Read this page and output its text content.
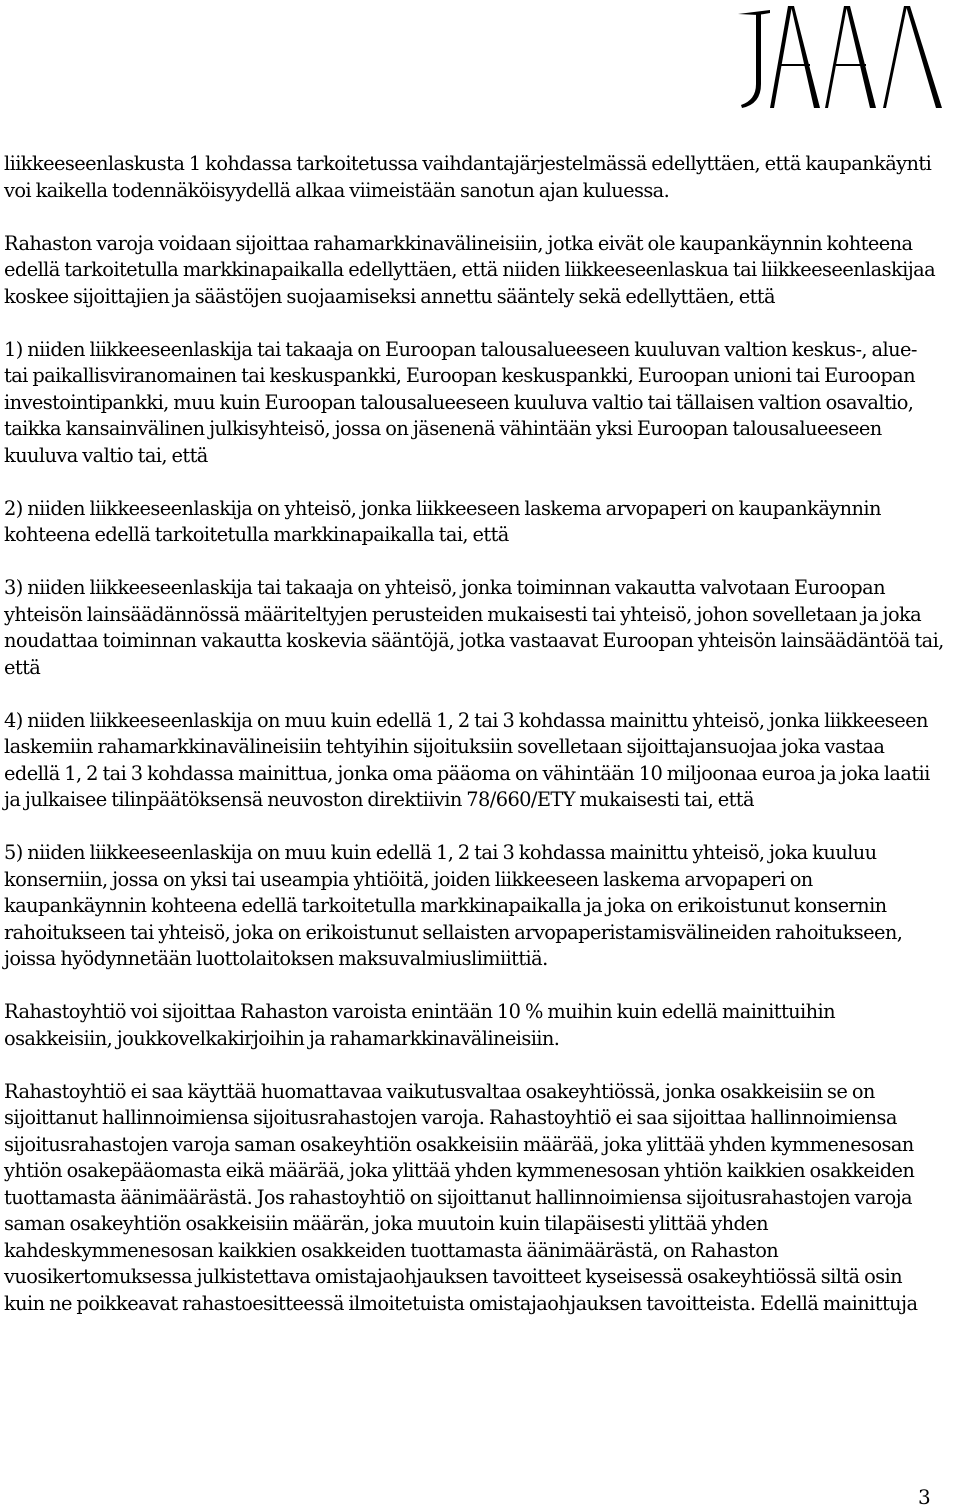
liikkeeseenlaskusta 1 kohdassa tarkoitetussa vaihdantajärjestelmässä edellyttäen, että kaupankäynti voi kaikella todennäköisyydellä alkaa viimeistään sanotun ajan kuluessa.

Rahaston varoja voidaan sijoittaa rahamarkkinavälineisiin, jotka eivät ole kaupankäynnin kohteena edellä tarkoitetulla markkinapaikalla edellyttäen, että niiden liikkeeseenlaskua tai liikkeeseenlaskijaa koskee sijoittajien ja säästöjen suojaamiseksi annettu sääntely sekä edellyttäen, että

1) niiden liikkeeseenlaskija tai takaaja on Euroopan talousalueeseen kuuluvan valtion keskus-, alue- tai paikallisviranomainen tai keskuspankki, Euroopan keskuspankki, Euroopan unioni tai Euroopan investointipankki, muu kuin Euroopan talousalueeseen kuuluva valtio tai tällaisen valtion osavaltio, taikka kansainvälinen julkisyhteisö, jossa on jäsenenä vähintään yksi Euroopan talousalueeseen kuuluva valtio tai, että

2) niiden liikkeeseenlaskija on yhteisö, jonka liikkeeseen laskema arvopaperi on kaupankäynnin kohteena edellä tarkoitetulla markkinapaikalla tai, että

3) niiden liikkeeseenlaskija tai takaaja on yhteisö, jonka toiminnan vakautta valvotaan Euroopan yhteisön lainsäädännössä määriteltyjen perusteiden mukaisesti tai yhteisö, johon sovelletaan ja joka noudattaa toiminnan vakautta koskevia sääntöjä, jotka vastaavat Euroopan yhteisön lainsäädäntöä tai, että

4) niiden liikkeeseenlaskija on muu kuin edellä 1, 2 tai 3 kohdassa mainittu yhteisö, jonka liikkeeseen laskemiin rahamarkkinavälineisiin tehtyihin sijoituksiin sovelletaan sijoittajansuojaa joka vastaa edellä 1, 2 tai 3 kohdassa mainittua, jonka oma pääoma on vähintään 10 miljoonaa euroa ja joka laatii ja julkaisee tilinpäätöksensä neuvoston direktiivin 78/660/ETY mukaisesti tai, että

5) niiden liikkeeseenlaskija on muu kuin edellä 1, 2 tai 3 kohdassa mainittu yhteisö, joka kuuluu konserniin, jossa on yksi tai useampia yhtiöitä, joiden liikkeeseen laskema arvopaperi on kaupankäynnin kohteena edellä tarkoitetulla markkinapaikalla ja joka on erikoistunut konsernin rahoitukseen tai yhteisö, joka on erikoistunut sellaisten arvopaperistamisvälineiden rahoitukseen, joissa hyödynnetään luottolaitoksen maksuvalmiuslimiittiä.

Rahastoyhtiö voi sijoittaa Rahaston varoista enintään 10 % muihin kuin edellä mainittuihin osakkeisiin, joukkovelkakirjoihin ja rahamarkkinavälineisiin.

Rahastoyhtiö ei saa käyttää huomattavaa vaikutusvaltaa osakeyhtiössä, jonka osakkeisiin se on sijoittanut hallinnoimiensa sijoitusrahastojen varoja. Rahastoyhtiö ei saa sijoittaa hallinnoimiensa sijoitusrahastojen varoja saman osakeyhtiön osakkeisiin määrää, joka ylittää yhden kymmenesosan yhtiön osakepääomasta eikä määrää, joka ylittää yhden kymmenesosan yhtiön kaikkien osakkeiden tuottamasta äänimäärästä. Jos rahastoyhtiö on sijoittanut hallinnoimiensa sijoitusrahastojen varoja saman osakeyhtiön osakkeisiin määrän, joka muutoin kuin tilapäisesti ylittää yhden kahdeskymmenesosan kaikkien osakkeiden tuottamasta äänimäärästä, on Rahaston vuosikertomuksessa julkistettava omistajaohjauksen tavoitteet kyseisessä osakeyhtiössä siltä osin kuin ne poikkeavat rahastoesitteessä ilmoitetuista omistajaohjauksen tavoitteista. Edellä mainittuja

3
